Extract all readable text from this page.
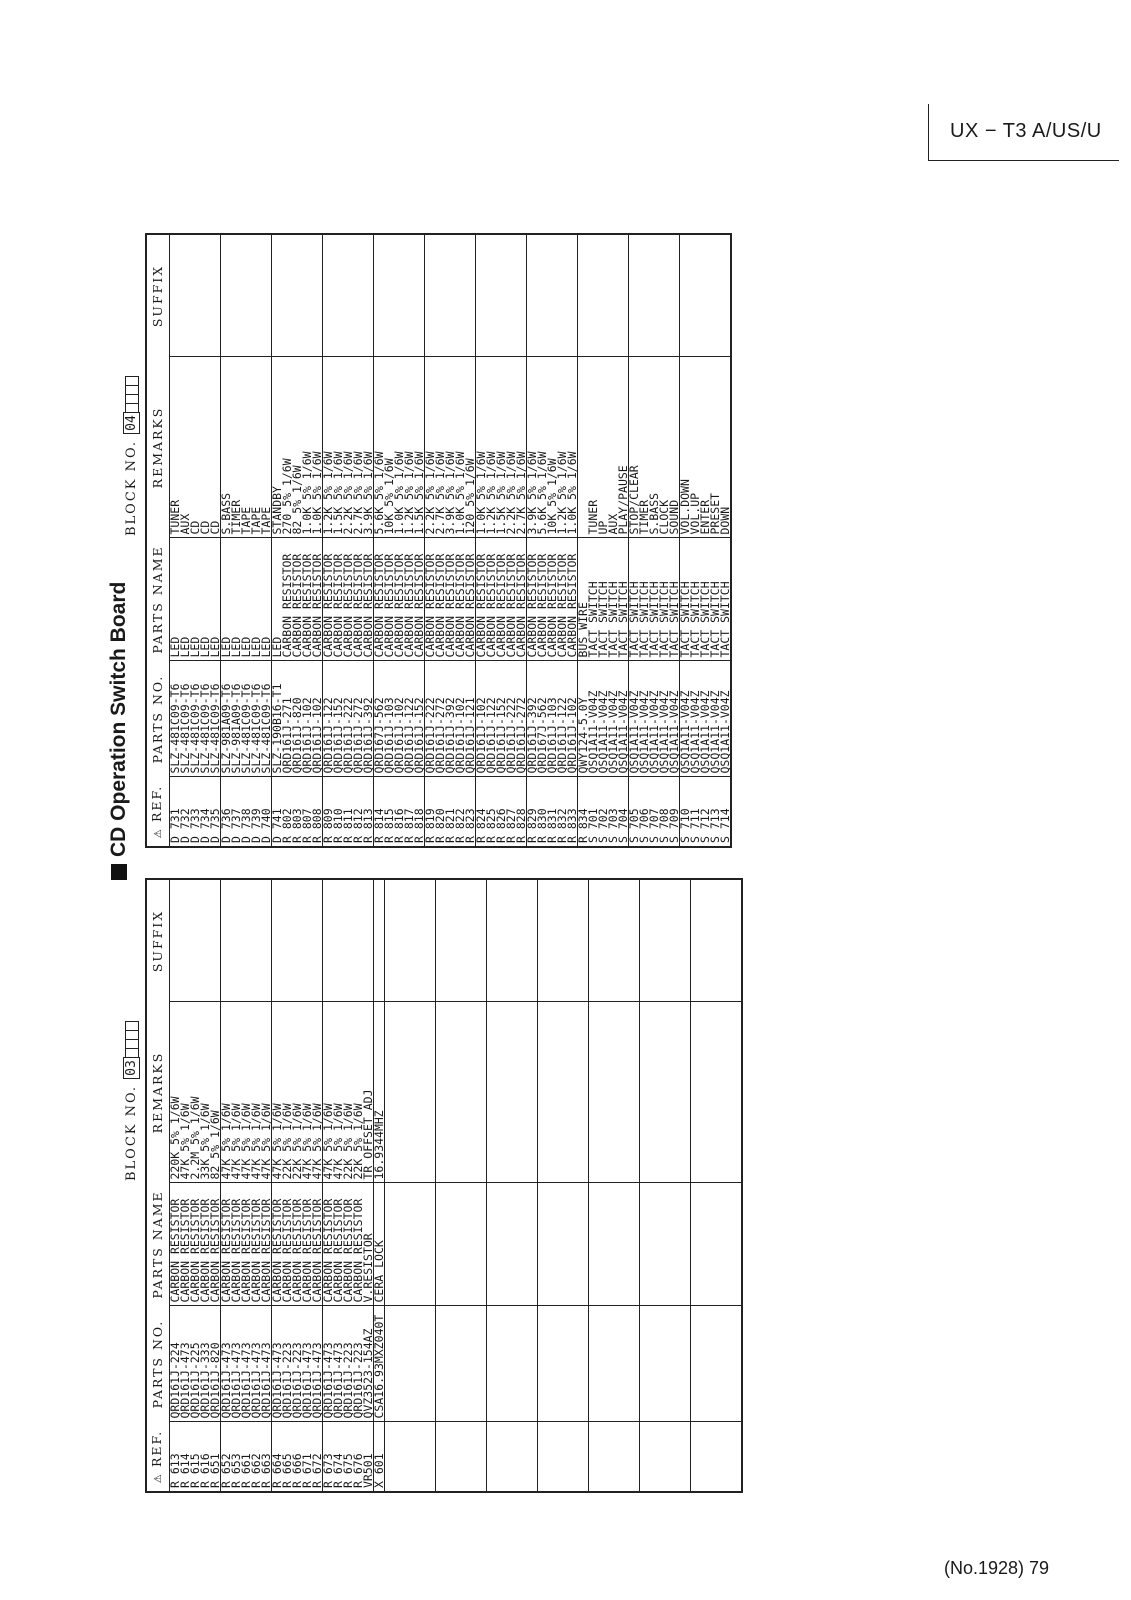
UX − T3 A/US/U
(No.1928) 79
CD Operation Switch Board
BLOCK NO. 04
⚠ REF.	PARTS NO.	PARTS NAME	REMARKS	SUFFIX
D 731	SLZ-481C09-T6	LED	TUNER	
D 732	SLZ-481C09-T6	LED	AUX	
D 733	SLZ-481C09-T6	LED	CD	
D 734	SLZ-481C09-T6	LED	CD	
D 735	SLZ-481C09-T6	LED	CD	
D 736	SLZ-981A09-T6	LED	S.BASS	
D 737	SLZ-981A09-T6	LED	TIMER	
D 738	SLZ-481C09-T6	LED	TAPE	
D 739	SLZ-481C09-T6	LED	TAPE	
D 740	SLZ-481C09-T6	LED	TAPE	
D 741	SLZ-190B16-T1	LED	STANDBY	
R 802	QRD161J-271	CARBON RESISTOR	270 5% 1/6W	
R 803	QRD161J-820	CARBON RESISTOR	82 5% 1/6W	
R 807	QRD161J-102	CARBON RESISTOR	1.0K 5% 1/6W	
R 808	QRD161J-102	CARBON RESISTOR	1.0K 5% 1/6W	
R 809	QRD161J-122	CARBON RESISTOR	1.2K 5% 1/6W	
R 810	QRD161J-152	CARBON RESISTOR	1.5K 5% 1/6W	
R 811	QRD161J-222	CARBON RESISTOR	2.2K 5% 1/6W	
R 812	QRD161J-272	CARBON RESISTOR	2.7K 5% 1/6W	
R 813	QRD161J-392	CARBON RESISTOR	3.9K 5% 1/6W	
R 814	QRD167J-562	CARBON RESISTOR	5.6K 5% 1/6W	
R 815	QRD161J-103	CARBON RESISTOR	10K 5% 1/6W	
R 816	QRD161J-102	CARBON RESISTOR	1.0K 5% 1/6W	
R 817	QRD161J-122	CARBON RESISTOR	1.2K 5% 1/6W	
R 818	QRD161J-152	CARBON RESISTOR	1.5K 5% 1/6W	
R 819	QRD161J-222	CARBON RESISTOR	2.2K 5% 1/6W	
R 820	QRD161J-272	CARBON RESISTOR	2.7K 5% 1/6W	
R 821	QRD161J-392	CARBON RESISTOR	3.9K 5% 1/6W	
R 822	QRD161J-102	CARBON RESISTOR	1.0K 5% 1/6W	
R 823	QRD161J-121	CARBON RESISTOR	120 5% 1/6W	
R 824	QRD161J-102	CARBON RESISTOR	1.0K 5% 1/6W	
R 825	QRD161J-122	CARBON RESISTOR	1.2K 5% 1/6W	
R 826	QRD161J-152	CARBON RESISTOR	1.5K 5% 1/6W	
R 827	QRD161J-222	CARBON RESISTOR	2.2K 5% 1/6W	
R 828	QRD161J-272	CARBON RESISTOR	2.7K 5% 1/6W	
R 829	QRD161J-392	CARBON RESISTOR	3.9K 5% 1/6W	
R 830	QRD167J-562	CARBON RESISTOR	5.6K 5% 1/6W	
R 831	QRD161J-103	CARBON RESISTOR	10K 5% 1/6W	
R 832	QRD161J-122	CARBON RESISTOR	1.2K 5% 1/6W	
R 833	QRD161J-102	CARBON RESISTOR	1.0K 5% 1/6W	
R 834	QWY124-5.0Y	BUS WIRE		
S 701	QSQ1A11-V04Z	TACT SWITCH	TUNER	
S 702	QSQ1A11-V04Z	TACT SWITCH	UP	
S 703	QSQ1A11-V04Z	TACT SWITCH	AUX	
S 704	QSQ1A11-V04Z	TACT SWITCH	PLAY/PAUSE	
S 705	QSQ1A11-V04Z	TACT SWITCH	STOP/CLEAR	
S 706	QSQ1A11-V04Z	TACT SWITCH	TIMER	
S 707	QSQ1A11-V04Z	TACT SWITCH	S.BASS	
S 708	QSQ1A11-V04Z	TACT SWITCH	CLOCK	
S 709	QSQ1A11-V04Z	TACT SWITCH	SOUND	
S 710	QSQ1A11-V04Z	TACT SWITCH	VOL.DOWN	
S 711	QSQ1A11-V04Z	TACT SWITCH	VOL.UP	
S 712	QSQ1A11-V04Z	TACT SWITCH	ENTER	
S 713	QSQ1A11-V04Z	TACT SWITCH	PRESET	
S 714	QSQ1A11-V04Z	TACT SWITCH	DOWN	
BLOCK NO. 03
⚠ REF.	PARTS NO.	PARTS NAME	REMARKS	SUFFIX
R 613	QRD161J-224	CARBON RESISTOR	220K 5% 1/6W	
R 614	QRD161J-473	CARBON RESISTOR	47K 5% 1/6W	
R 615	QRD161J-225	CARBON RESISTOR	2.2M 5% 1/6W	
R 616	QRD161J-333	CARBON RESISTOR	33K 5% 1/6W	
R 651	QRD161J-820	CARBON RESISTOR	82 5% 1/6W	
R 652	QRD161J-473	CARBON RESISTOR	47K 5% 1/6W	
R 653	QRD161J-473	CARBON RESISTOR	47K 5% 1/6W	
R 661	QRD161J-473	CARBON RESISTOR	47K 5% 1/6W	
R 662	QRD161J-473	CARBON RESISTOR	47K 5% 1/6W	
R 663	QRD161J-473	CARBON RESISTOR	47K 5% 1/6W	
R 664	QRD161J-473	CARBON RESISTOR	47K 5% 1/6W	
R 665	QRD161J-223	CARBON RESISTOR	22K 5% 1/6W	
R 666	QRD161J-223	CARBON RESISTOR	22K 5% 1/6W	
R 671	QRD161J-473	CARBON RESISTOR	47K 5% 1/6W	
R 672	QRD161J-473	CARBON RESISTOR	47K 5% 1/6W	
R 673	QRD161J-473	CARBON RESISTOR	47K 5% 1/6W	
R 674	QRD161J-473	CARBON RESISTOR	47K 5% 1/6W	
R 675	QRD161J-223	CARBON RESISTOR	22K 5% 1/6W	
R 676	QRD161J-223	CARBON RESISTOR	22K 5% 1/6W	
VR501	QVZ3523-154AZ	V.RESISTOR	TR OFFSET ADJ	
X 601	CSA16.93MXZ040T	CERA LOCK	16.9344MHZ	
